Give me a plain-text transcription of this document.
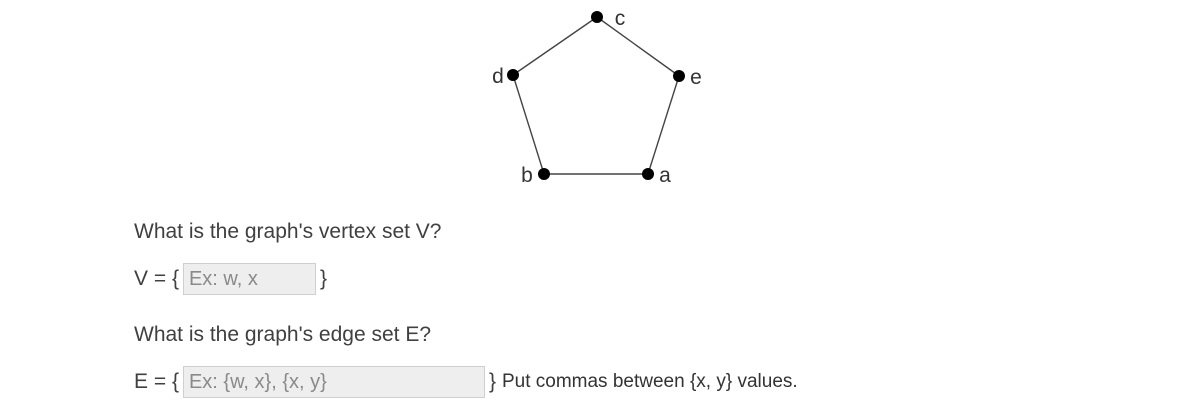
c
d	e
b	a
What is the graph's vertex set V?
V = {
Ex: w, x	}
What is the graph's edge set E?
E = {
Ex: {w, x}, {x, y}	} Put commas between {x, y} values.
